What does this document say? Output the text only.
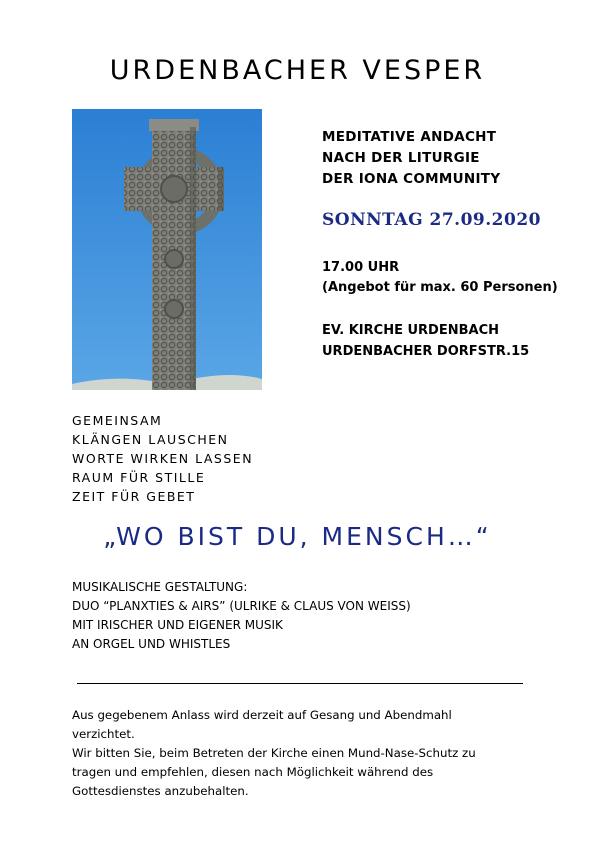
URDENBACHER VESPER
MEDITATIVE ANDACHT
NACH DER LITURGIE
DER IONA COMMUNITY
SONNTAG 27.09.2020
17.00 UHR
(Angebot für max. 60 Personen)
EV. KIRCHE URDENBACH
URDENBACHER DORFSTR.15
GEMEINSAM
KLÄNGEN LAUSCHEN
WORTE WIRKEN LASSEN
RAUM FÜR STILLE
ZEIT FÜR GEBET
„WO BIST DU, MENSCH…“
MUSIKALISCHE GESTALTUNG:
DUO “PLANXTIES & AIRS” (ULRIKE & CLAUS VON WEISS)
MIT IRISCHER UND EIGENER MUSIK
AN ORGEL UND WHISTLES
Aus gegebenem Anlass wird derzeit auf Gesang und Abendmahl
verzichtet.
Wir bitten Sie, beim Betreten der Kirche einen Mund-Nase-Schutz zu
tragen und empfehlen, diesen nach Möglichkeit während des
Gottesdienstes anzubehalten.
